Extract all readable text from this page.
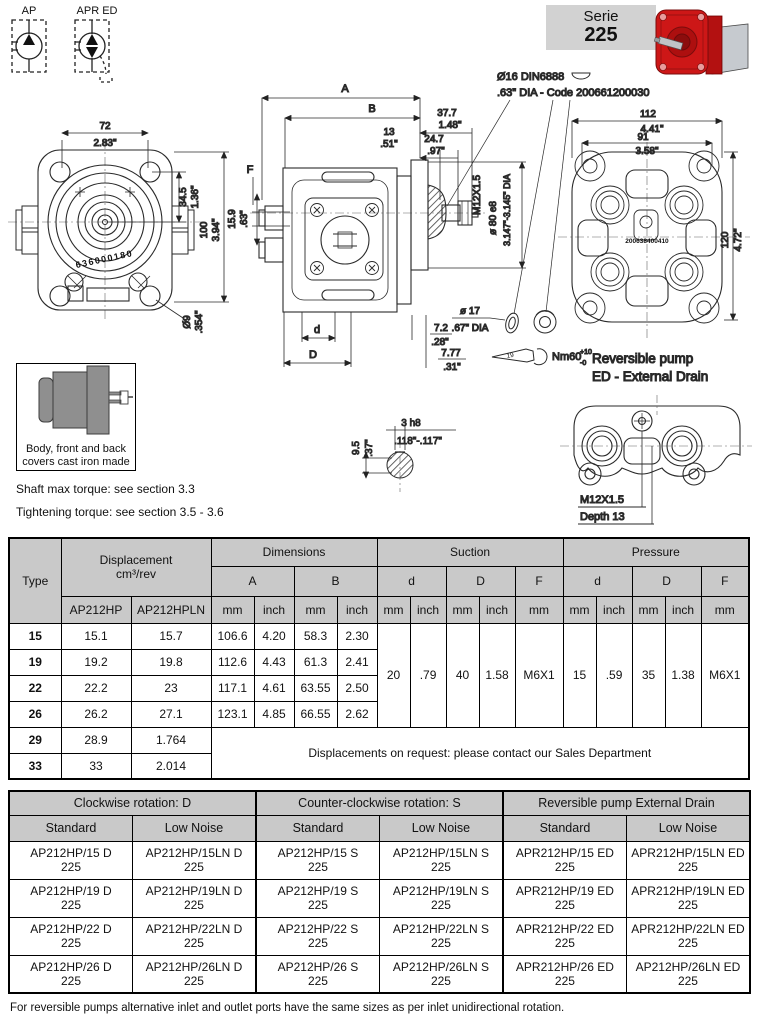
AP	APR ED
636000180
72
2.83"
34.5 1.36"
100 3.94"
Ø9 .354"
A
B	37.7
1.48"
13
.51"	24.7
.97"
F
15.9 .63"
M12X1.5
ø 80 e8 3.147"-3.145" DIA
Ø16 DIN6888
.63" DIA - Code 200661200030
d
D
ø 17
.67" DIA
7.2
.28"
7.77
.31"
19	Nm60
+10
-0
200638400410
112
4.41"
91
3.58"
120 4.72"
3 h8
.118"-.117"
9.5 .37"
Reversible pump
ED - External Drain
M12X1.5
Depth 13
Serie
225
Body, front and back
covers cast iron made
Shaft max torque: see section 3.3
Tightening torque: see section 3.5 - 3.6
Type	Displacement
cm³/rev		Dimensions				Suction					Pressure				
			A		B		d		D		F	d		D		F
	AP212HP	AP212HPLN	mm	inch	mm	inch	mm	inch	mm	inch	mm	mm	inch	mm	inch	mm
15	15.1	15.7	106.6	4.20	58.3	2.30	20	.79	40	1.58	M6X1	15	.59	35	1.38	M6X1
19	19.2	19.8	112.6	4.43	61.3	2.41										
22	22.2	23	117.1	4.61	63.55	2.50										
26	26.2	27.1	123.1	4.85	66.55	2.62										
29	28.9	1.764	Displacements on request: please contact our Sales Department													
33	33	2.014														
Clockwise rotation: D		Counter-clockwise rotation: S		Reversible pump External Drain	
Standard	Low Noise	Standard	Low Noise	Standard	Low Noise

AP212HP/15 D
225	AP212HP/15LN D
225	AP212HP/15 S
225	AP212HP/15LN S
225	APR212HP/15 ED
225	APR212HP/15LN ED
225

AP212HP/19 D
225	AP212HP/19LN D
225	AP212HP/19 S
225	AP212HP/19LN S
225	APR212HP/19 ED
225	APR212HP/19LN ED
225

AP212HP/22 D
225	AP212HP/22LN D
225	AP212HP/22 S
225	AP212HP/22LN S
225	APR212HP/22 ED
225	APR212HP/22LN ED
225

AP212HP/26 D
225	AP212HP/26LN D
225	AP212HP/26 S
225	AP212HP/26LN S
225	APR212HP/26 ED
225	AP212HP/26LN ED
225
For reversible pumps alternative inlet and outlet ports have the same sizes as per inlet unidirectional rotation.
